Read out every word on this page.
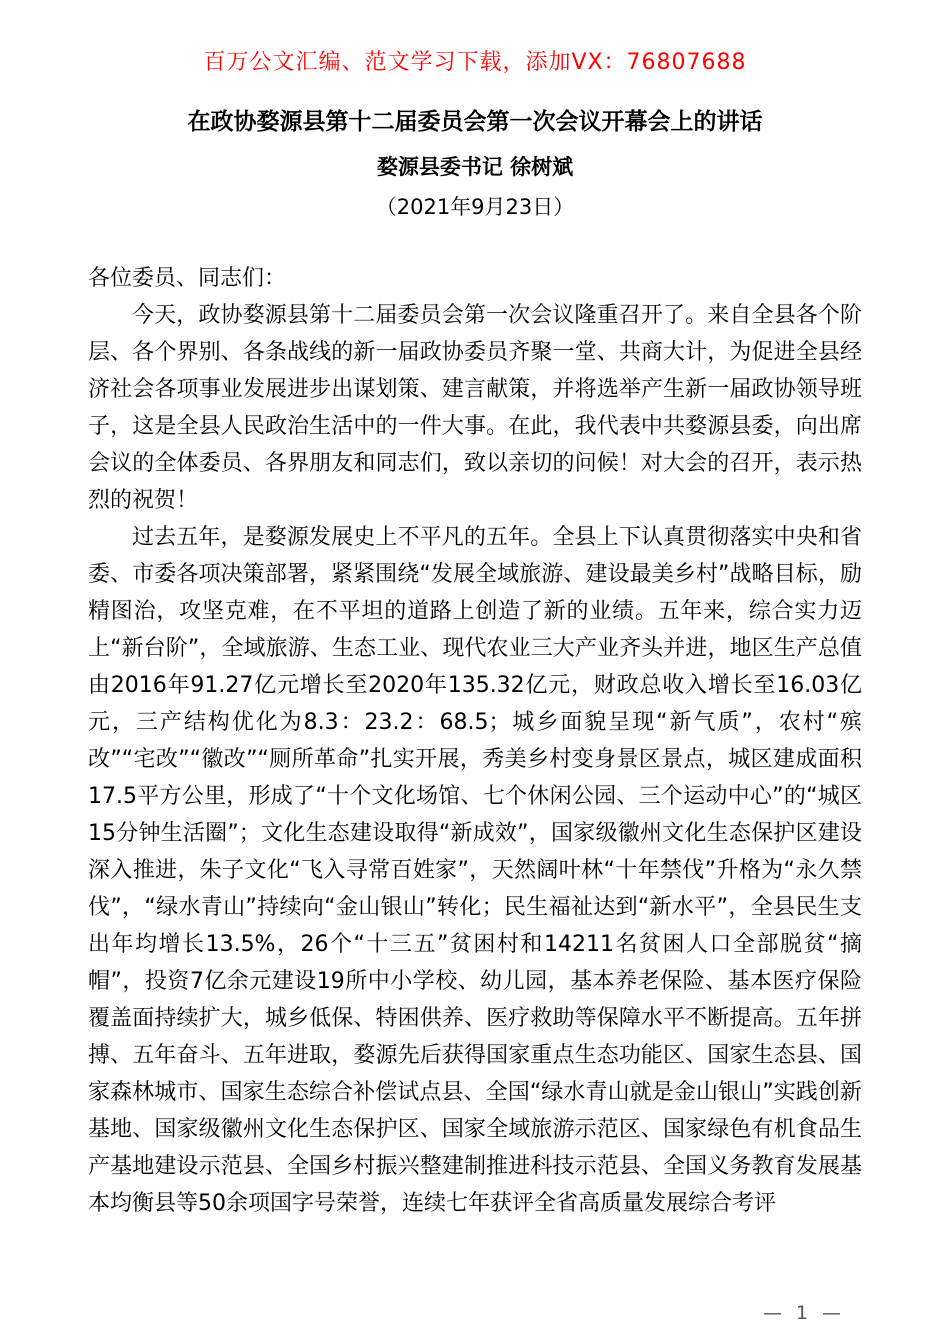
百万公文汇编、范文学习下载，添加VX：76807688
在政协婺源县第十二届委员会第一次会议开幕会上的讲话
婺源县委书记 徐树斌
（2021年9月23日）

各位委员、同志们：

今天，政协婺源县第十二届委员会第一次会议隆重召开了。来自全县各个阶层、各个界别、各条战线的新一届政协委员齐聚一堂、共商大计，为促进全县经济社会各项事业发展进步出谋划策、建言献策，并将选举产生新一届政协领导班子，这是全县人民政治生活中的一件大事。在此，我代表中共婺源县委，向出席会议的全体委员、各界朋友和同志们，致以亲切的问候！对大会的召开，表示热烈的祝贺！

过去五年，是婺源发展史上不平凡的五年。全县上下认真贯彻落实中央和省委、市委各项决策部署，紧紧围绕“发展全域旅游、建设最美乡村”战略目标，励精图治，攻坚克难，在不平坦的道路上创造了新的业绩。五年来，综合实力迈上“新台阶”，全域旅游、生态工业、现代农业三大产业齐头并进，地区生产总值由2016年91.27亿元增长至2020年135.32亿元，财政总收入增长至16.03亿元，三产结构优化为8.3：23.2：68.5；城乡面貌呈现“新气质”，农村“殡改”“宅改”“徽改”“厕所革命”扎实开展，秀美乡村变身景区景点，城区建成面积17.5平方公里，形成了“十个文化场馆、七个休闲公园、三个运动中心”的“城区15分钟生活圈”；文化生态建设取得“新成效”，国家级徽州文化生态保护区建设深入推进，朱子文化“飞入寻常百姓家”，天然阔叶林“十年禁伐”升格为“永久禁伐”，“绿水青山”持续向“金山银山”转化；民生福祉达到“新水平”，全县民生支出年均增长13.5%，26个“十三五”贫困村和14211名贫困人口全部脱贫“摘帽”，投资7亿余元建设19所中小学校、幼儿园，基本养老保险、基本医疗保险覆盖面持续扩大，城乡低保、特困供养、医疗救助等保障水平不断提高。五年拼搏、五年奋斗、五年进取，婺源先后获得国家重点生态功能区、国家生态县、国家森林城市、国家生态综合补偿试点县、全国“绿水青山就是金山银山”实践创新基地、国家级徽州文化生态保护区、国家全域旅游示范区、国家绿色有机食品生产基地建设示范县、全国乡村振兴整建制推进科技示范县、全国义务教育发展基本均衡县等50余项国字号荣誉，连续七年获评全省高质量发展综合考评

— 1 —
